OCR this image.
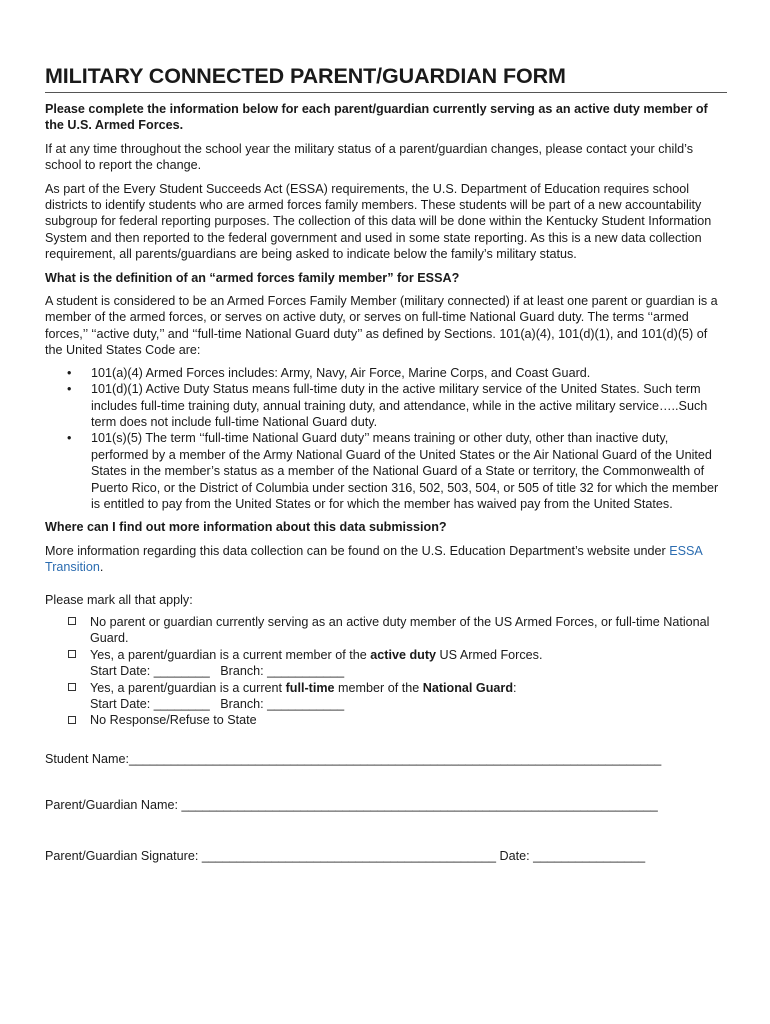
MILITARY CONNECTED PARENT/GUARDIAN FORM

Please complete the information below for each parent/guardian currently serving as an active duty member of the U.S. Armed Forces.

If at any time throughout the school year the military status of a parent/guardian changes, please contact your child’s school to report the change.

As part of the Every Student Succeeds Act (ESSA) requirements, the U.S. Department of Education requires school districts to identify students who are armed forces family members. These students will be part of a new accountability subgroup for federal reporting purposes. The collection of this data will be done within the Kentucky Student Information System and then reported to the federal government and used in some state reporting. As this is a new data collection requirement, all parents/guardians are being asked to indicate below the family’s military status.

What is the definition of an “armed forces family member” for ESSA?

A student is considered to be an Armed Forces Family Member (military connected) if at least one parent or guardian is a member of the armed forces, or serves on active duty, or serves on full-time National Guard duty. The terms ‘‘armed forces,’’ ‘‘active duty,’’ and ‘‘full-time National Guard duty’’ as defined by Sections. 101(a)(4), 101(d)(1), and 101(d)(5) of the United States Code are:

• 101(a)(4) Armed Forces includes: Army, Navy, Air Force, Marine Corps, and Coast Guard.
• 101(d)(1) Active Duty Status means full-time duty in the active military service of the United States. Such term includes full-time training duty, annual training duty, and attendance, while in the active military service…..Such term does not include full-time National Guard duty.
• 101(s)(5) The term ‘‘full-time National Guard duty’’ means training or other duty, other than inactive duty, performed by a member of the Army National Guard of the United States or the Air National Guard of the United States in the member’s status as a member of the National Guard of a State or territory, the Commonwealth of Puerto Rico, or the District of Columbia under section 316, 502, 503, 504, or 505 of title 32 for which the member is entitled to pay from the United States or for which the member has waived pay from the United States.

Where can I find out more information about this data submission?

More information regarding this data collection can be found on the U.S. Education Department’s website under ESSA Transition.

Please mark all that apply:

No parent or guardian currently serving as an active duty member of the US Armed Forces, or full-time National Guard.
Yes, a parent/guardian is a current member of the active duty US Armed Forces.
Start Date: ________   Branch: ___________
Yes, a parent/guardian is a current full-time member of the National Guard:
Start Date: ________   Branch: ___________
No Response/Refuse to State
Student Name:____________________________________________________________________________
Parent/Guardian Name: ____________________________________________________________________
Parent/Guardian Signature: __________________________________________ Date: ________________
